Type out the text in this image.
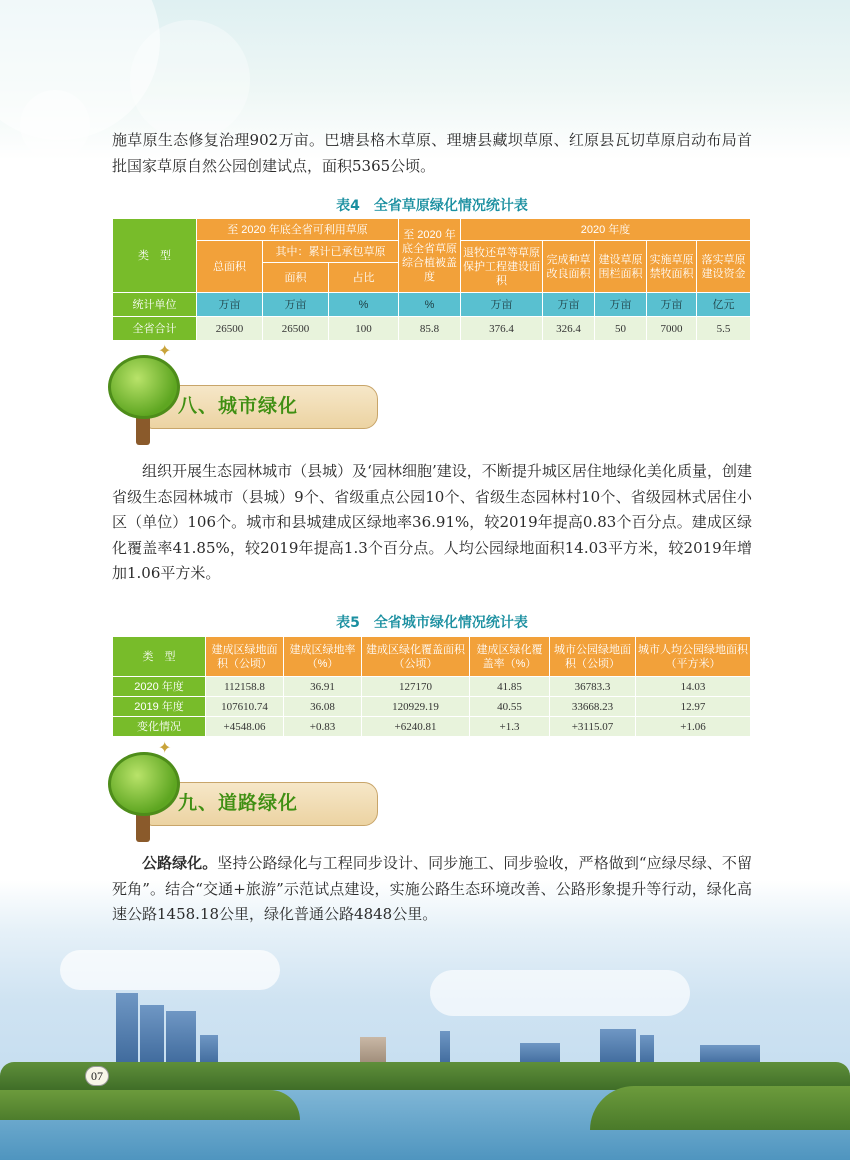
施草原生态修复治理902万亩。巴塘县格木草原、理塘县藏坝草原、红原县瓦切草原启动布局首批国家草原自然公园创建试点，面积5365公顷。
表4　全省草原绿化情况统计表
类　型	至 2020 年底全省可利用草原			至 2020 年底全省草原综合植被盖度	2020 年度				
	总面积	其中：累计已承包草原			退牧还草等草原保护工程建设面积	完成种草改良面积	建设草原围栏面积	实施草原禁牧面积	落实草原建设资金
		面积	占比						
统计单位	万亩	万亩	%	%	万亩	万亩	万亩	万亩	亿元
全省合计	26500	26500	100	85.8	376.4	326.4	50	7000	5.5
✦
八、城市绿化
组织开展生态园林城市（县城）及‘园林细胞’建设，不断提升城区居住地绿化美化质量，创建省级生态园林城市（县城）9个、省级重点公园10个、省级生态园林村10个、省级园林式居住小区（单位）106个。城市和县城建成区绿地率36.91%，较2019年提高0.83个百分点。建成区绿化覆盖率41.85%，较2019年提高1.3个百分点。人均公园绿地面积14.03平方米，较2019年增加1.06平方米。
表5　全省城市绿化情况统计表
类　型	建成区绿地面积（公顷）	建成区绿地率（%）	建成区绿化覆盖面积（公顷）	建成区绿化覆盖率（%）	城市公园绿地面积（公顷）	城市人均公园绿地面积（平方米）
2020 年度	112158.8	36.91	127170	41.85	36783.3	14.03
2019 年度	107610.74	36.08	120929.19	40.55	33668.23	12.97
变化情况	+4548.06	+0.83	+6240.81	+1.3	+3115.07	+1.06
✦
九、道路绿化
公路绿化。坚持公路绿化与工程同步设计、同步施工、同步验收，严格做到“应绿尽绿、不留死角”。结合“交通+旅游”示范试点建设，实施公路生态环境改善、公路形象提升等行动，绿化高速公路1458.18公里，绿化普通公路4848公里。
07
